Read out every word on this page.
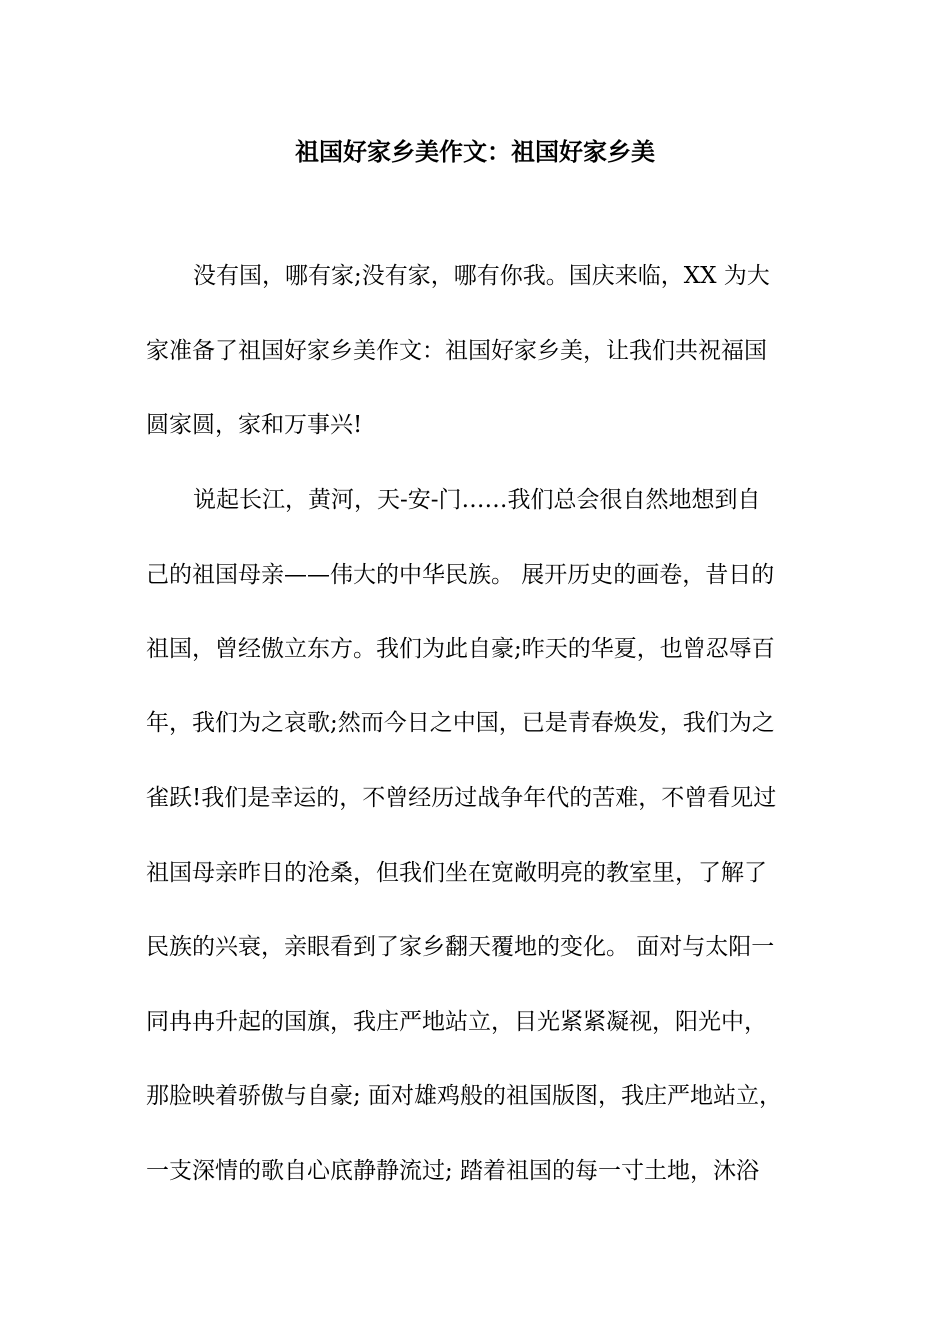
祖国好家乡美作文：祖国好家乡美
没有国，哪有家;没有家，哪有你我。国庆来临，XX 为大
家准备了祖国好家乡美作文：祖国好家乡美，让我们共祝福国
圆家圆，家和万事兴!
说起长江，黄河，天-安-门……我们总会很自然地想到自
己的祖国母亲——伟大的中华民族。 展开历史的画卷，昔日的
祖国，曾经傲立东方。我们为此自豪;昨天的华夏，也曾忍辱百
年，我们为之哀歌;然而今日之中国，已是青春焕发，我们为之
雀跃!我们是幸运的，不曾经历过战争年代的苦难，不曾看见过
祖国母亲昨日的沧桑，但我们坐在宽敞明亮的教室里，了解了
民族的兴衰，亲眼看到了家乡翻天覆地的变化。 面对与太阳一
同冉冉升起的国旗，我庄严地站立，目光紧紧凝视，阳光中，
那脸映着骄傲与自豪; 面对雄鸡般的祖国版图，我庄严地站立，
一支深情的歌自心底静静流过; 踏着祖国的每一寸土地，沐浴
